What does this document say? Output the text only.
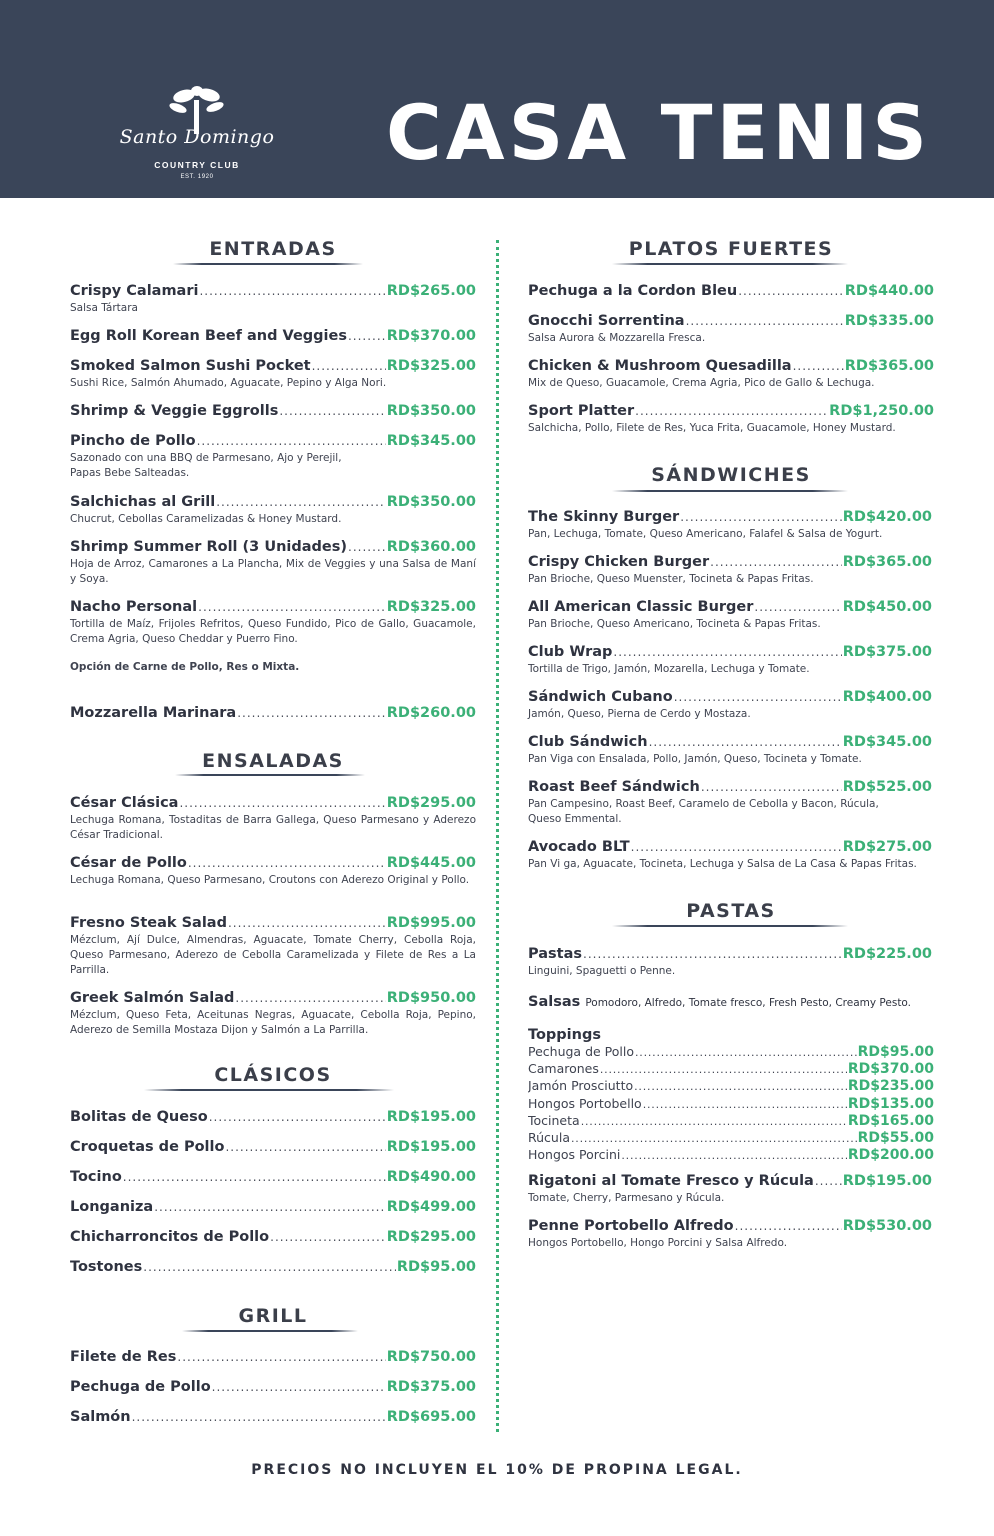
Santo Domingo
COUNTRY CLUB
EST. 1920	CASA TENIS
ENTRADAS
Crispy Calamari .....	RD$265.00
Salsa Tártara
Egg Roll Korean Beef and Veggies .....	RD$370.00
Smoked Salmon Sushi Pocket .....	RD$325.00
Sushi Rice, Salmón Ahumado, Aguacate, Pepino y Alga Nori.
Shrimp & Veggie Eggrolls .....	RD$350.00
Pincho de Pollo .....	RD$345.00
Sazonado con una BBQ de Parmesano, Ajo y Perejil, Papas Bebe Salteadas.
Salchichas al Grill .....	RD$350.00
Chucrut, Cebollas Caramelizadas & Honey Mustard.
Shrimp Summer Roll (3 Unidades) .....	RD$360.00
Hoja de Arroz, Camarones a La Plancha, Mix de Veggies y una Salsa de Maní y Soya.
Nacho Personal .....	RD$325.00
Tortilla de Maíz, Frijoles Refritos, Queso Fundido, Pico de Gallo, Guacamole, Crema Agria, Queso Cheddar y Puerro Fino.
Opción de Carne de Pollo, Res o Mixta.
Mozzarella Marinara .....	RD$260.00
ENSALADAS
César Clásica .....	RD$295.00
Lechuga Romana, Tostaditas de Barra Gallega, Queso Parmesano y Aderezo César Tradicional.
César de Pollo .....	RD$445.00
Lechuga Romana, Queso Parmesano, Croutons con Aderezo Original y Pollo.
Fresno Steak Salad .....	RD$995.00
Mézclum, Ají Dulce, Almendras, Aguacate, Tomate Cherry, Cebolla Roja, Queso Parmesano, Aderezo de Cebolla Caramelizada y Filete de Res a La Parrilla.
Greek Salmón Salad .....	RD$950.00
Mézclum, Queso Feta, Aceitunas Negras, Aguacate, Cebolla Roja, Pepino, Aderezo de Semilla Mostaza Dijon y Salmón a La Parrilla.
CLÁSICOS
Bolitas de Queso .....	RD$195.00
Croquetas de Pollo .....	RD$195.00
Tocino .....	RD$490.00
Longaniza .....	RD$499.00
Chicharroncitos de Pollo .....	RD$295.00
Tostones .....	RD$95.00
GRILL
Filete de Res .....	RD$750.00
Pechuga de Pollo .....	RD$375.00
Salmón .....	RD$695.00
PLATOS FUERTES
Pechuga a la Cordon Bleu .....	RD$440.00
Gnocchi Sorrentina .....	RD$335.00
Salsa Aurora & Mozzarella Fresca.
Chicken & Mushroom Quesadilla .....	RD$365.00
Mix de Queso, Guacamole, Crema Agria, Pico de Gallo & Lechuga.
Sport Platter .....	RD$1,250.00
Salchicha, Pollo, Filete de Res, Yuca Frita, Guacamole, Honey Mustard.
SÁNDWICHES
The Skinny Burger .....	RD$420.00
Pan, Lechuga, Tomate, Queso Americano, Falafel & Salsa de Yogurt.
Crispy Chicken Burger .....	RD$365.00
Pan Brioche, Queso Muenster, Tocineta & Papas Fritas.
All American Classic Burger .....	RD$450.00
Pan Brioche, Queso Americano, Tocineta & Papas Fritas.
Club Wrap .....	RD$375.00
Tortilla de Trigo, Jamón, Mozarella, Lechuga y Tomate.
Sándwich Cubano .....	RD$400.00
Jamón, Queso, Pierna de Cerdo y Mostaza.
Club Sándwich .....	RD$345.00
Pan Viga con Ensalada, Pollo, Jamón, Queso, Tocineta y Tomate.
Roast Beef Sándwich .....	RD$525.00
Pan Campesino, Roast Beef, Caramelo de Cebolla y Bacon, Rúcula, Queso Emmental.
Avocado BLT .....	RD$275.00
Pan Vi ga, Aguacate, Tocineta, Lechuga y Salsa de La Casa & Papas Fritas.
PASTAS
Pastas .....	RD$225.00
Linguini, Spaguetti o Penne.
Salsas Pomodoro, Alfredo, Tomate fresco, Fresh Pesto, Creamy Pesto.
Toppings
Pechuga de Pollo .....	RD$95.00
Camarones .....	RD$370.00
Jamón Prosciutto .....	RD$235.00
Hongos Portobello .....	RD$135.00
Tocineta .....	RD$165.00
Rúcula .....	RD$55.00
Hongos Porcini .....	RD$200.00
Rigatoni al Tomate Fresco y Rúcula ..... RD$195.00
Tomate, Cherry, Parmesano y Rúcula.
Penne Portobello Alfredo .....	RD$530.00
Hongos Portobello, Hongo Porcini y Salsa Alfredo.
PRECIOS NO INCLUYEN EL 10% DE PROPINA LEGAL.
